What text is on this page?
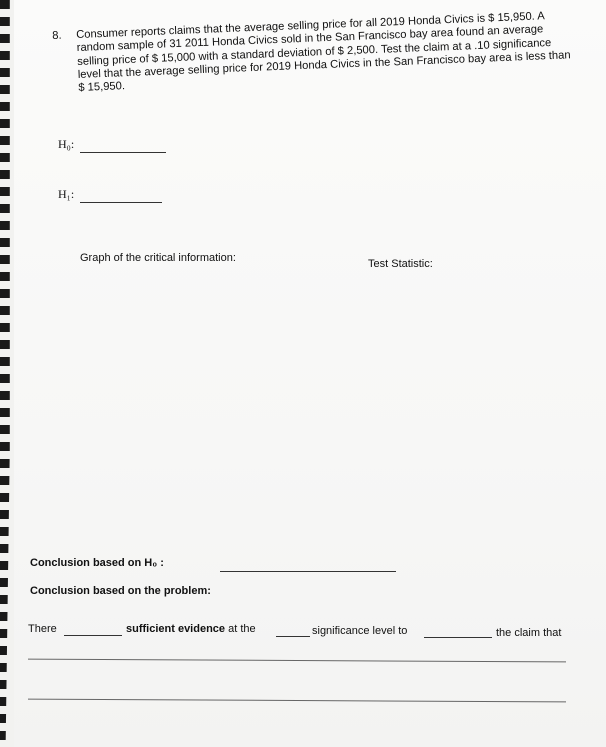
8. Consumer reports claims that the average selling price for all 2019 Honda Civics is $ 15,950. A random sample of 31 2011 Honda Civics sold in the San Francisco bay area found an average selling price of $ 15,000 with a standard deviation of $ 2,500. Test the claim at a .10 significance level that the average selling price for 2019 Honda Civics in the San Francisco bay area is less than $ 15,950.
H₀:
H₁:
Graph of the critical information:	Test Statistic:
Conclusion based on H₀ :
Conclusion based on the problem:
There	sufficient evidence at the	significance level to	the claim that
